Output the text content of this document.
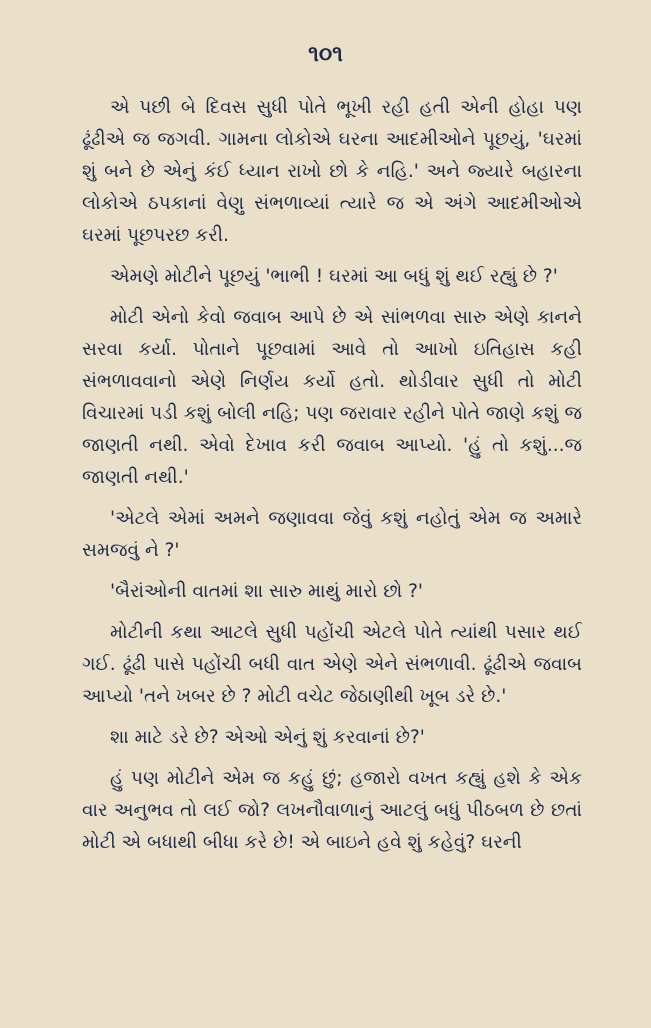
૧૦૧

એ પછી બે દિવસ સુધી પોતે ભૂખી રહી હતી એની હોહા પણ ઢૂંઢીએ જ જગવી. ગામના લોકોએ ઘરના આદમીઓને પૂછયું, 'ઘરમાં શું બને છે એનું કંઈ ધ્યાન રાખો છો કે નહિ.' અને જ્યારે બહારના લોકોએ ઠપકાનાં વેણુ સંભળાવ્યાં ત્યારે જ એ અંગે આદમીઓએ ઘરમાં પૂછપરછ કરી.

એમણે મોટીને પૂછયું 'ભાભી ! ઘરમાં આ બધું શું થઈ રહ્યું છે ?'

મોટી એનો કેવો જવાબ આપે છે એ સાંભળવા સારુ એણે કાનને સરવા કર્યા. પોતાને પૂછવામાં આવે તો આખો ઇતિહાસ કહી સંભળાવવાનો એણે નિર્ણય કર્યો હતો. થોડીવાર સુધી તો મોટી વિચારમાં પડી કશું બોલી નહિ; પણ જરાવાર રહીને પોતે જાણે કશું જ જાણતી નથી. એવો દેખાવ કરી જવાબ આપ્યો. 'હું તો કશું...જ જાણતી નથી.'

'એટલે એમાં અમને જણાવવા જેવું કશું નહોતું એમ જ અમારે સમજવું ને ?'

'બૈરાંઓની વાતમાં શા સારુ માથું મારો છો ?'

મોટીની કથા આટલે સુધી પહોંચી એટલે પોતે ત્યાંથી પસાર થઈ ગઈ. ઢૂંઢી પાસે પહોંચી બધી વાત એણે એને સંભળાવી. ઢૂંઢીએ જવાબ આપ્યો 'તને ખબર છે ? મોટી વચેટ જેઠાણીથી ખૂબ ડરે છે.'

શા માટે ડરે છે? એઓ એનું શું કરવાનાં છે?'

હું પણ મોટીને એમ જ કહું છું; હજારો વખત કહ્યું હશે કે એક વાર અનુભવ તો લઈ જો? લખનૌવાળાનું આટલું બધું પીઠબળ છે છતાં મોટી એ બધાથી બીધા કરે છે! એ બાઇને હવે શું કહેવું? ઘરની
